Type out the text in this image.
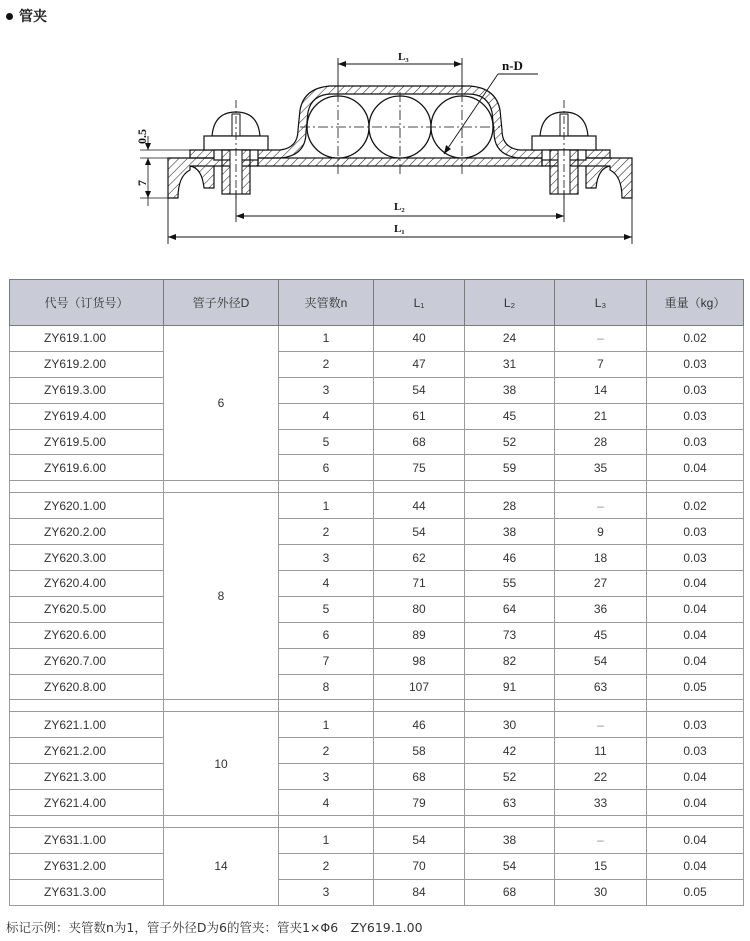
管夹
L₃
n-D
L₂
L₁
0.5
7
代号（订货号）	管子外径D	夹管数n	L₁	L₂	L₃	重量（kg）
ZY619.1.00	6	1	40	24	–	0.02
ZY619.2.00		2	47	31	7	0.03
ZY619.3.00		3	54	38	14	0.03
ZY619.4.00		4	61	45	21	0.03
ZY619.5.00		5	68	52	28	0.03
ZY619.6.00		6	75	59	35	0.04

ZY620.1.00	8	1	44	28	–	0.02
ZY620.2.00		2	54	38	9	0.03
ZY620.3.00		3	62	46	18	0.03
ZY620.4.00		4	71	55	27	0.04
ZY620.5.00		5	80	64	36	0.04
ZY620.6.00		6	89	73	45	0.04
ZY620.7.00		7	98	82	54	0.04
ZY620.8.00		8	107	91	63	0.05

ZY621.1.00	10	1	46	30	–	0.03
ZY621.2.00		2	58	42	11	0.03
ZY621.3.00		3	68	52	22	0.04
ZY621.4.00		4	79	63	33	0.04

ZY631.1.00	14	1	54	38	–	0.04
ZY631.2.00		2	70	54	15	0.04
ZY631.3.00		3	84	68	30	0.05
标记示例：夹管数n为1，管子外径D为6的管夹：管夹1×Φ6　ZY619.1.00
